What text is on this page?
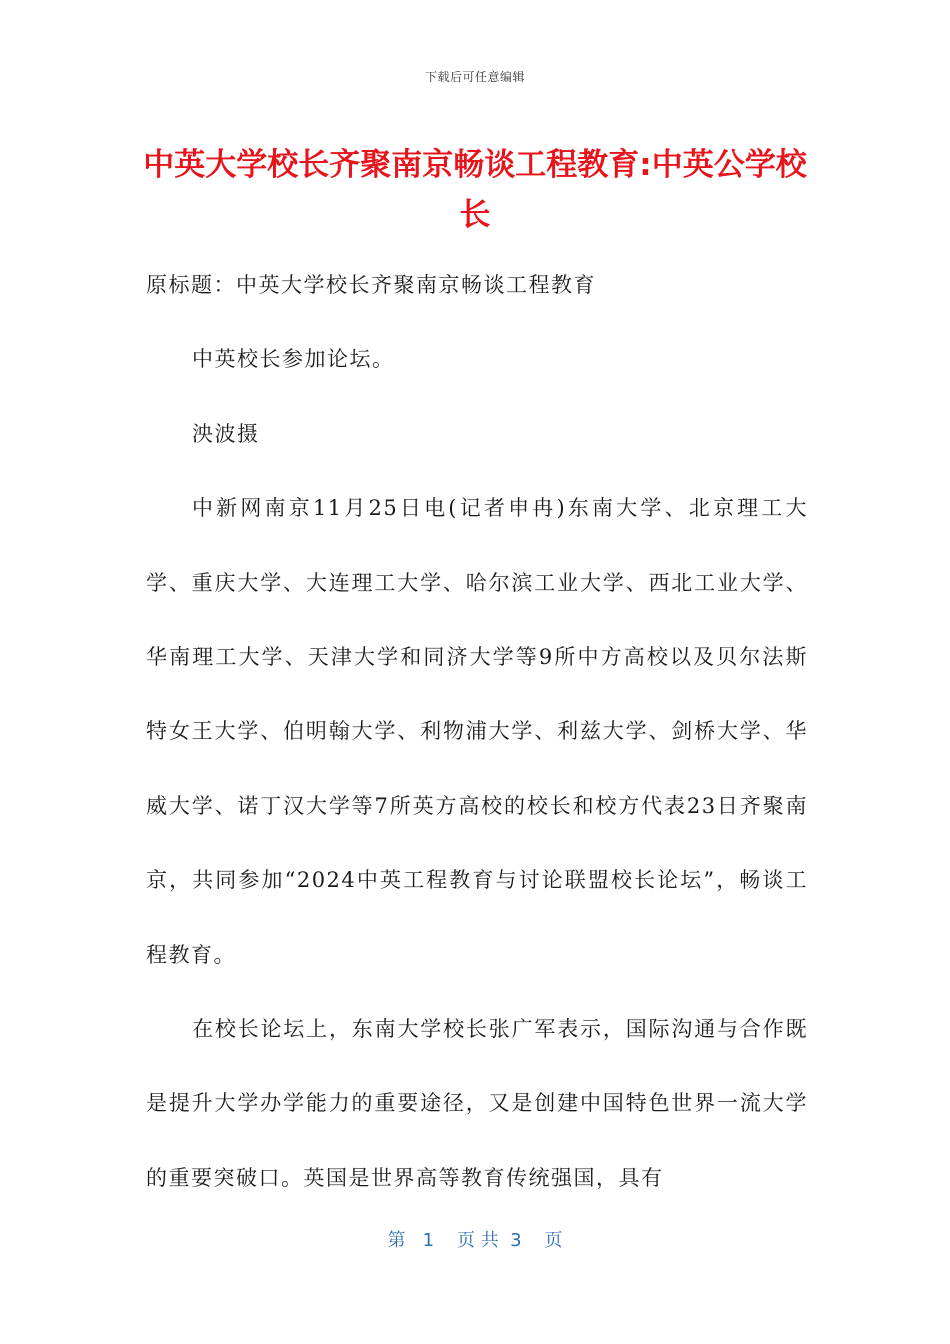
下载后可任意编辑
中英大学校长齐聚南京畅谈工程教育:中英公学校长

原标题：中英大学校长齐聚南京畅谈工程教育

中英校长参加论坛。

泱波摄

中新网南京11月25日电(记者申冉)东南大学、北京理工大学、重庆大学、大连理工大学、哈尔滨工业大学、西北工业大学、华南理工大学、天津大学和同济大学等9所中方高校以及贝尔法斯特女王大学、伯明翰大学、利物浦大学、利兹大学、剑桥大学、华威大学、诺丁汉大学等7所英方高校的校长和校方代表23日齐聚南京，共同参加“2024中英工程教育与讨论联盟校长论坛”，畅谈工程教育。

在校长论坛上，东南大学校长张广军表示，国际沟通与合作既是提升大学办学能力的重要途径，又是创建中国特色世界一流大学的重要突破口。英国是世界高等教育传统强国，具有

第   1    页 共  3    页
